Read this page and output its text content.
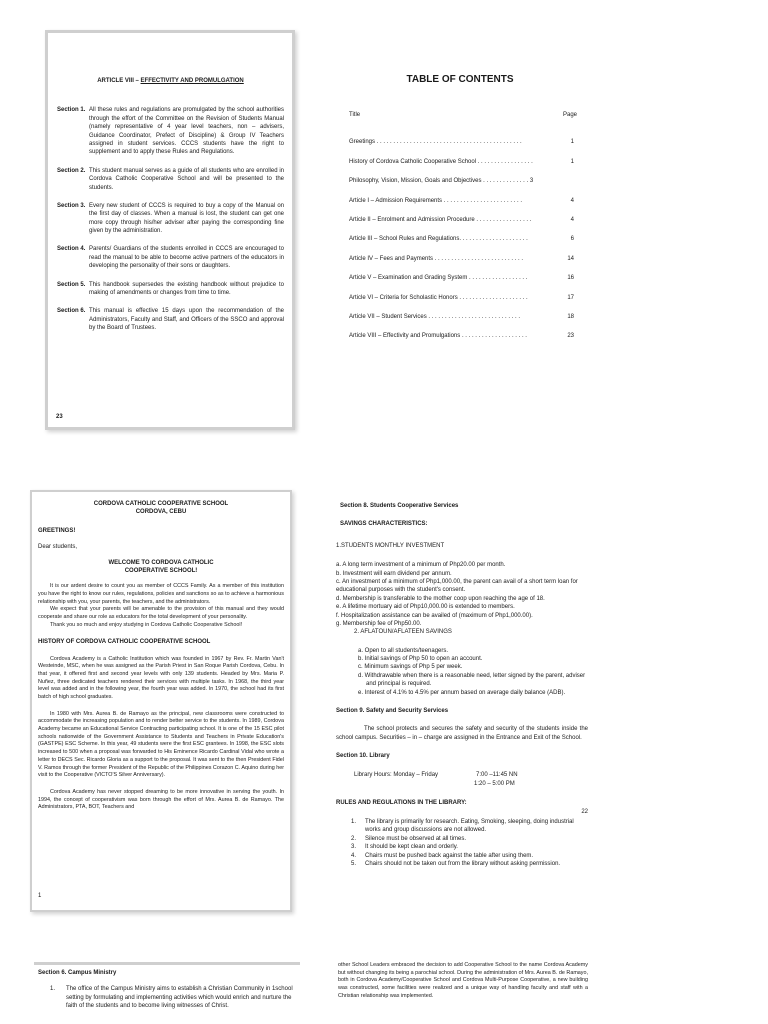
ARTICLE VIII – EFFECTIVITY AND PROMULGATION
Section 1. All these rules and regulations are promulgated by the school authorities through the effort of the Committee on the Revision of Students Manual (namely representative of 4 year level teachers, non – advisers, Guidance Coordinator, Prefect of Discipline) & Group IV Teachers assigned in student services. CCCS students have the right to supplement and to apply these Rules and Regulations.
Section 2. This student manual serves as a guide of all students who are enrolled in Cordova Catholic Cooperative School and will be presented to the students.
Section 3. Every new student of CCCS is required to buy a copy of the Manual on the first day of classes. When a manual is lost, the student can get one more copy through his/her adviser after paying the corresponding fine given by the administration.
Section 4. Parents/ Guardians of the students enrolled in CCCS are encouraged to read the manual to be able to become active partners of the educators in developing the personality of their sons or daughters.
Section 5. This handbook supersedes the existing handbook without prejudice to making of amendments or changes from time to time.
Section 6. This manual is effective 15 days upon the recommendation of the Administrators, Faculty and Staff, and Officers of the SSCO and approval by the Board of Trustees.
23
TABLE OF CONTENTS
Title	Page
Greetings . . . . . . . . . . . . . . . . . . . . . . . . . . . . . . . . . . . . . . . . . . . .	1
History of Cordova Catholic Cooperative School . . . . . . . . . . . . . . . . .	1
Philosophy, Vision, Mission, Goals and Objectives . . . . . . . . . . . . . . 3
Article I – Admission Requirements . . . . . . . . . . . . . . . . . . . . . . . .	4
Article II – Enrolment and Admission Procedure . . . . . . . . . . . . . . . . .	4
Article III – School Rules and Regulations. . . . . . . . . . . . . . . . . . . . .	6
Article IV – Fees and Payments . . . . . . . . . . . . . . . . . . . . . . . . . . .	14
Article V – Examination and Grading System . . . . . . . . . . . . . . . . . .	16
Article VI – Criteria for Scholastic Honors . . . . . . . . . . . . . . . . . . . . .	17
Article VII – Student Services . . . . . . . . . . . . . . . . . . . . . . . . . . . .	18
Article VIII – Effectivity and Promulgations . . . . . . . . . . . . . . . . . . . .	23
CORDOVA CATHOLIC COOPERATIVE SCHOOL
CORDOVA, CEBU
GREETINGS!
Dear students,
WELCOME TO CORDOVA CATHOLIC
COOPERATIVE SCHOOL!
It is our ardent desire to count you as member of CCCS Family. As a member of this institution you have the right to know our rules, regulations, policies and sanctions so as to achieve a harmonious relationship with you, your parents, the teachers, and the administrators.
We expect that your parents will be amenable to the provision of this manual and they would cooperate and share our role as educators for the total development of your personality.
Thank you so much and enjoy studying in Cordova Catholic Cooperative School!
HISTORY OF CORDOVA CATHOLIC COOPERATIVE SCHOOL
Cordova Academy is a Catholic Institution which was founded in 1967 by Rev. Fr. Martin Van't Westeinde, MSC, when he was assigned as the Parish Priest in San Roque Parish Cordova, Cebu. In that year, it offered first and second year levels with only 139 students. Headed by Mrs. Maria P. Nuñez, three dedicated teachers rendered their services with multiple tasks. In 1968, the third year level was added and in the following year, the fourth year was added. In 1970, the school had its first batch of high school graduates.
In 1980 with Mrs. Aurea B. de Ramayo as the principal, new classrooms were constructed to accommodate the increasing population and to render better service to the students. In 1989, Cordova Academy became an Educational Service Contracting participating school. It is one of the 15 ESC pilot schools nationwide of the Government Assistance to Students and Teachers in Private Education's (GASTPE) ESC Scheme. In this year, 49 students were the first ESC grantees. In 1998, the ESC slots increased to 500 when a proposal was forwarded to His Eminence Ricardo Cardinal Vidal who wrote a letter to DECS Sec. Ricardo Gloria as a support to the proposal. It was sent to the then President Fidel V. Ramos through the former President of the Republic of the Philippines Corazon C. Aquino during her visit to the Cooperative (VICTO'S Silver Anniversary).
Cordova Academy has never stopped dreaming to be more innovative in serving the youth. In 1994, the concept of cooperativism was born through the effort of Mrs. Aurea B. de Ramayo. The Administrators, PTA, BOT, Teachers and
1
Section 8. Students Cooperative Services
SAVINGS CHARACTERISTICS:
1.STUDENTS MONTHLY INVESTMENT
a. A long term investment of a minimum of Php20.00 per month.
b. Investment will earn dividend per annum.
c. An investment of a minimum of Php1,000.00, the parent can avail of a short term loan for educational purposes with the student's consent.
d. Membership is transferable to the mother coop upon reaching the age of 18.
e. A lifetime mortuary aid of Php10,000.00 is extended to members.
f. Hospitalization assistance can be availed of (maximum of Php1,000.00).
g. Membership fee of Php50.00.
2. AFLATOUN/AFLATEEN SAVINGS
a. Open to all students/teenagers.
b. Initial savings of Php 50 to open an account.
c. Minimum savings of Php 5 per week.
d. Withdrawable when there is a reasonable need, letter signed by the parent, adviser and principal is required.
e. Interest of 4.1% to 4.5% per annum based on average daily balance (ADB).
Section 9. Safety and Security Services
The school protects and secures the safety and security of the students inside the school campus. Securities – in – charge are assigned in the Entrance and Exit of the School.
Section 10. Library
Library Hours: Monday – Friday	7:00 –11:45 NN
1:20 – 5:00 PM
RULES AND REGULATIONS IN THE LIBRARY:
1. The library is primarily for research. Eating, Smoking, sleeping, doing industrial works and group discussions are not allowed.
2. Silence must be observed at all times.
3. It should be kept clean and orderly.
4. Chairs must be pushed back against the table after using them.
5. Chairs should not be taken out from the library without asking permission.
22
Section 6. Campus Ministry
1. The office of the Campus Ministry aims to establish a Christian Community in 1school setting by formulating and implementing activities which would enrich and nurture the faith of the students and to become living witnesses of Christ.
other School Leaders embraced the decision to add Cooperative School to the name Cordova Academy but without changing its being a parochial school. During the administration of Mrs. Aurea B. de Ramayo, both in Cordova Academy/Cooperative School and Cordova Multi-Purpose Cooperative, a new building was constructed, some facilities were realized and a unique way of handling faculty and staff with a Christian relationship was implemented.
